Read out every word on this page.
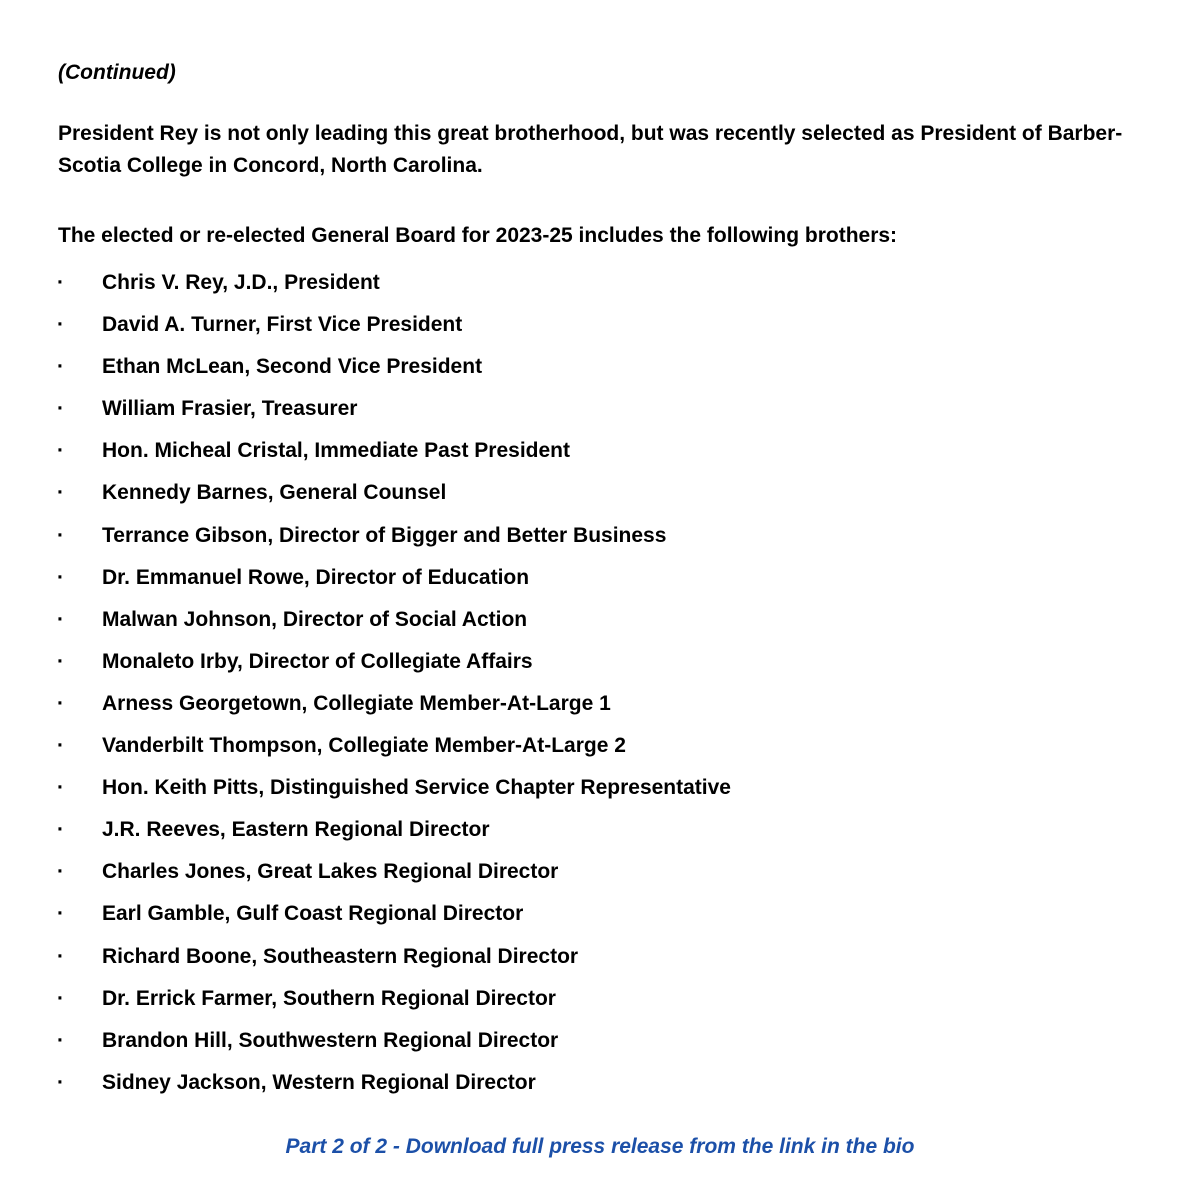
(Continued)

President Rey is not only leading this great brotherhood, but was recently selected as President of Barber-Scotia College in Concord, North Carolina.

The elected or re-elected General Board for 2023-25 includes the following brothers:

· Chris V. Rey, J.D., President
· David A. Turner, First Vice President
· Ethan McLean, Second Vice President
· William Frasier, Treasurer
· Hon. Micheal Cristal, Immediate Past President
· Kennedy Barnes, General Counsel
· Terrance Gibson, Director of Bigger and Better Business
· Dr. Emmanuel Rowe, Director of Education
· Malwan Johnson, Director of Social Action
· Monaleto Irby, Director of Collegiate Affairs
· Arness Georgetown, Collegiate Member-At-Large 1
· Vanderbilt Thompson, Collegiate Member-At-Large 2
· Hon. Keith Pitts, Distinguished Service Chapter Representative
· J.R. Reeves, Eastern Regional Director
· Charles Jones, Great Lakes Regional Director
· Earl Gamble, Gulf Coast Regional Director
· Richard Boone, Southeastern Regional Director
· Dr. Errick Farmer, Southern Regional Director
· Brandon Hill, Southwestern Regional Director
· Sidney Jackson, Western Regional Director

Part 2 of 2 - Download full press release from the link in the bio
